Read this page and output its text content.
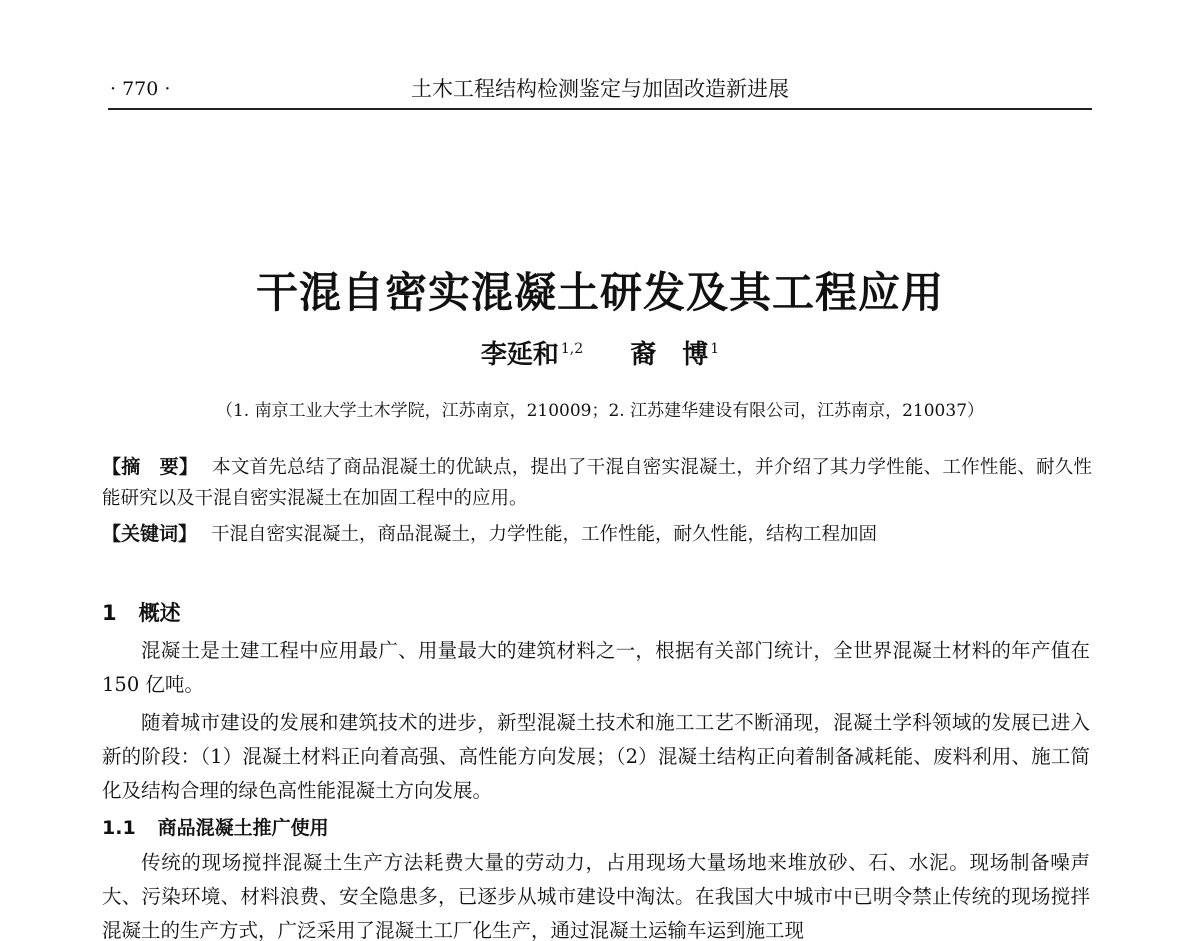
· 770 ·	土木工程结构检测鉴定与加固改造新进展
干混自密实混凝土研发及其工程应用
李延和 $^{1,2}$ 裔　博 $^1$
（1. 南京工业大学土木学院，江苏南京，210009；2. 江苏建华建设有限公司，江苏南京，210037）
【摘　要】 本文首先总结了商品混凝土的优缺点，提出了干混自密实混凝土，并介绍了其力学性能、工作性能、耐久性能研究以及干混自密实混凝土在加固工程中的应用。
【关键词】 干混自密实混凝土，商品混凝土，力学性能，工作性能，耐久性能，结构工程加固
1 概述

混凝土是土建工程中应用最广、用量最大的建筑材料之一，根据有关部门统计，全世界混凝土材料的年产值在 150 亿吨。

随着城市建设的发展和建筑技术的进步，新型混凝土技术和施工工艺不断涌现，混凝土学科领域的发展已进入新的阶段：（1）混凝土材料正向着高强、高性能方向发展；（2）混凝土结构正向着制备减耗能、废料利用、施工简化及结构合理的绿色高性能混凝土方向发展。

1.1 商品混凝土推广使用

传统的现场搅拌混凝土生产方法耗费大量的劳动力，占用现场大量场地来堆放砂、石、水泥。现场制备噪声大、污染环境、材料浪费、安全隐患多，已逐步从城市建设中淘汰。在我国大中城市中已明令禁止传统的现场搅拌混凝土的生产方式，广泛采用了混凝土工厂化生产，通过混凝土运输车运到施工现
